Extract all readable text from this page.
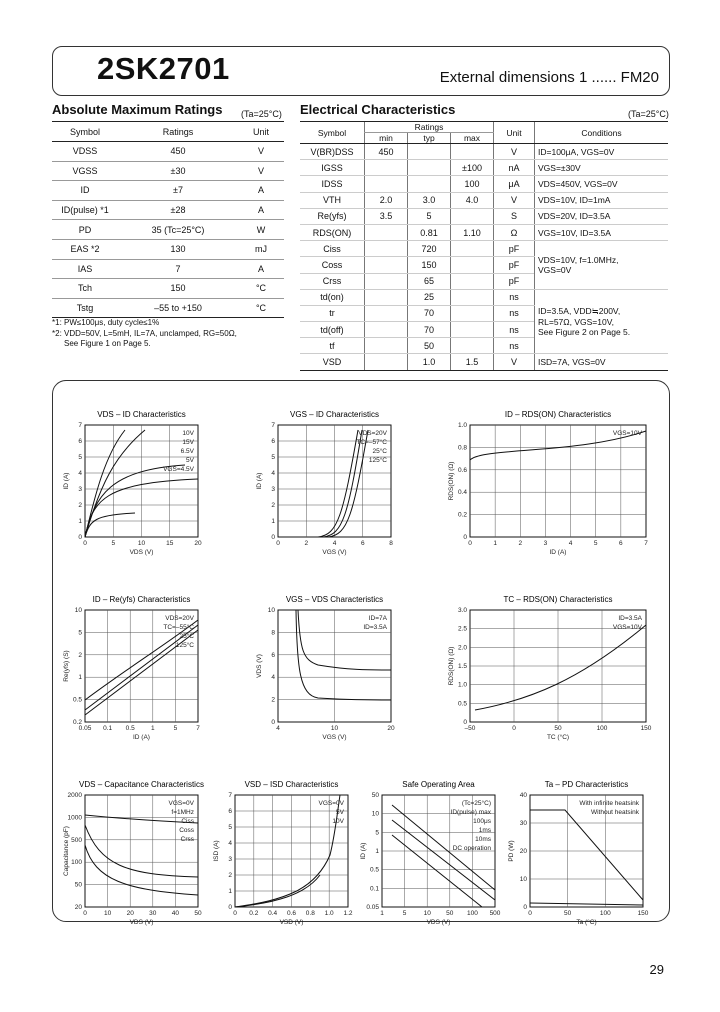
2SK2701	External dimensions 1 ...... FM20
Absolute Maximum Ratings (Ta=25°C) Electrical Characteristics	(Ta=25°C)
Symbol	Ratings	Unit
VDSS	450	V
VGSS	±30	V
ID	±7	A
ID(pulse) *1	±28	A
PD	35 (Tc=25°C)	W
EAS *2	130	mJ
IAS	7	A
Tch	150	°C
Tstg	–55 to +150	°C
Symbol	Ratings			Unit	Conditions
	min	typ	max		
V(BR)DSS	450			V	ID=100μA, VGS=0V

IGSS			±100	nA	VGS=±30V

IDSS			100	μA	VDS=450V, VGS=0V

VTH	2.0	3.0	4.0	V	VDS=10V, ID=1mA

Re(yfs)	3.5	5		S	VDS=20V, ID=3.5A

RDS(ON)		0.81	1.10	Ω	VGS=10V, ID=3.5A

Ciss		720		pF	VDS=10V, f=1.0MHz,
VGS=0V

Coss		150		pF	
Crss		65		pF	
td(on)		25		ns	ID=3.5A, VDD≒200V,
RL=57Ω, VGS=10V,
See Figure 2 on Page 5.

tr		70		ns	
td(off)		70		ns	
tf		50		ns	
VSD		1.0	1.5	V	ISD=7A, VGS=0V
*1: PW≤100μs, duty cycle≤1%
*2: VDD=50V, L=5mH, IL=7A, unclamped, RG=50Ω,
See Figure 1 on Page 5.
VDS – ID Characteristics
0	5	10	15	20
0
1
2
3
4
5
6
7
VDS (V)
ID (A)
10V
15V
6.5V
5V
VGS=4.5V
VGS – ID Characteristics
0	2	4	6	8
0
1
2
3
4
5
6
7
VGS (V)
ID (A)
VDS=20V
TC=–57°C
25°C
125°C
ID – RDS(ON) Characteristics
0	1	2	3	4	5	6	7
0
0.2
0.4
0.6
0.8
1.0
ID (A)
RDS(ON) (Ω)
VGS=10V
ID – Re(yfs) Characteristics
0.05 0.1 0.5	1	5	7
0.2
0.5
1
2
5
10
ID (A)
Re(yfs) (S)
VDS=20V
TC=–55°C
25°C
125°C
VGS – VDS Characteristics
4	10	20
0
2
4
6
8
10
VGS (V)
VDS (V)
ID=7A
ID=3.5A
TC – RDS(ON) Characteristics
–50	0	50	100	150
0
0.5
1.0
1.5
2.0
2.5
3.0
TC (°C)
RDS(ON) (Ω)
ID=3.5A
VGS=10V
VDS – Capacitance Characteristics
0	10 20 30 40 50
20
50
100
500
1000
2000
VDS (V)
Capacitance (pF)
VGS=0V
f=1MHz
Ciss
Coss
Crss
VSD – ISD Characteristics
0 0.2 0.4 0.6 0.8 1.0 1.2
0
1
2
3
4
5
6
7
VSD (V)
ISD (A)
VGS=0V
5V
10V
Safe Operating Area
1	5	10 50 100 500
0.05
0.1
0.5
1
5
10
50
VDS (V)
ID (A)
(Tc=25°C)
ID(pulse) max
100μs
1ms
10ms
DC operation
Ta – PD Characteristics
0	50	100	150
0
10
20
30
40
Ta (°C)
PD (W)
With infinite heatsink
Without heatsink
29
